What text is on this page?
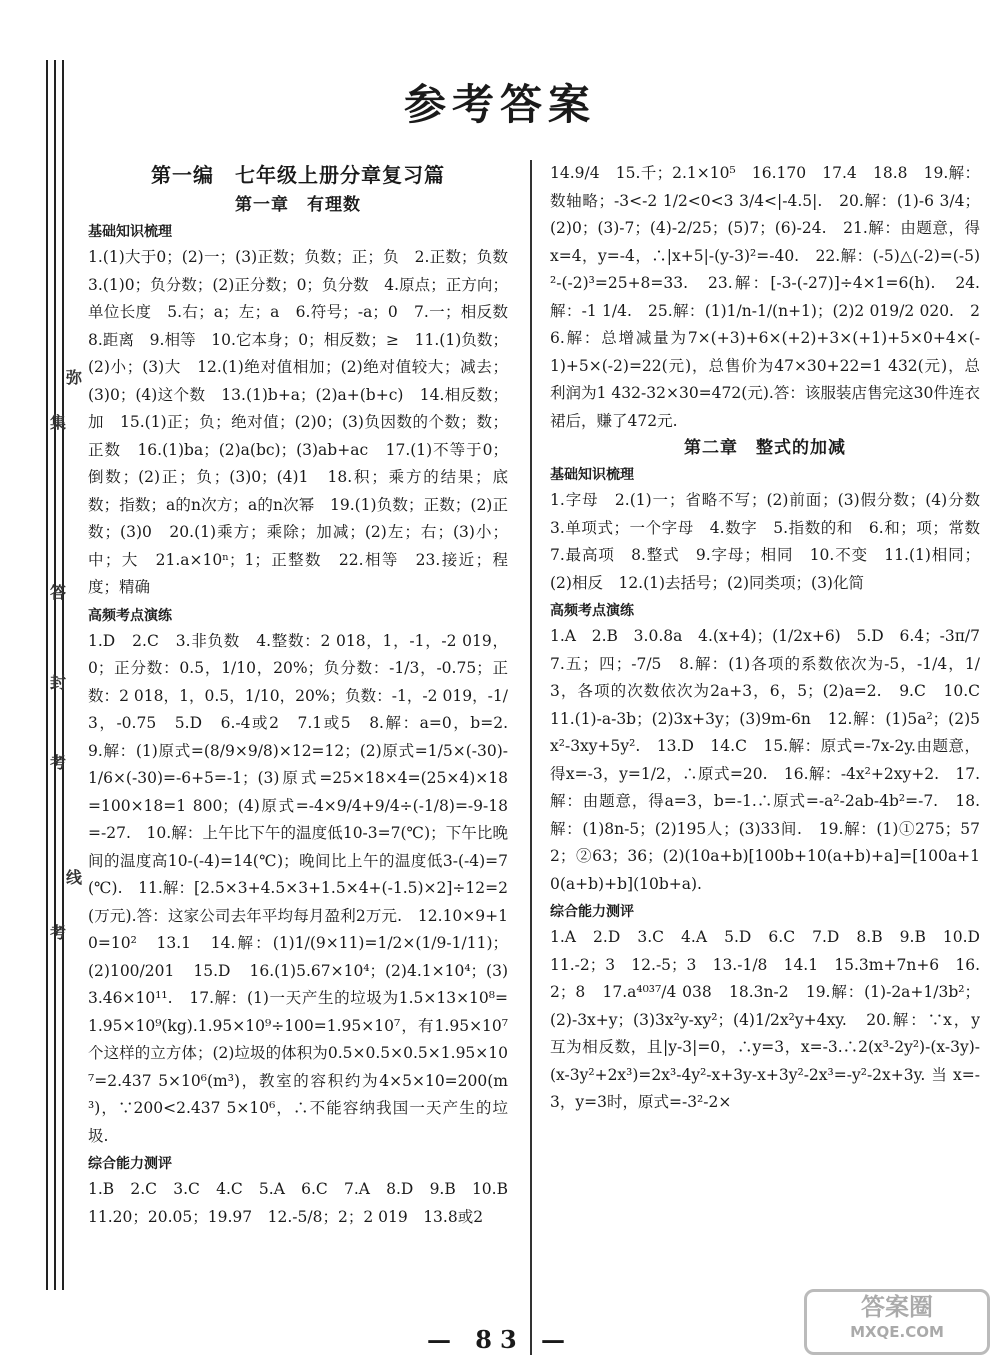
弥
集
答
封
考
线
考
参考答案
第一编　七年级上册分章复习篇
第一章　有理数
基础知识梳理

1.(1)大于0；(2)一；(3)正数；负数；正；负　2.正数；负数　3.(1)0；负分数；(2)正分数；0；负分数　4.原点；正方向；单位长度　5.右；a；左；a　6.符号；-a；0　7.一；相反数　8.距离　9.相等　10.它本身；0；相反数；≥　11.(1)负数；(2)小；(3)大　12.(1)绝对值相加；(2)绝对值较大；减去；(3)0；(4)这个数　13.(1)b+a；(2)a+(b+c)　14.相反数；加　15.(1)正；负；绝对值；(2)0；(3)负因数的个数；数；正数　16.(1)ba；(2)a(bc)；(3)ab+ac　17.(1)不等于0；倒数；(2)正；负；(3)0；(4)1　18.积；乘方的结果；底数；指数；a的n次方；a的n次幂　19.(1)负数；正数；(2)正数；(3)0　20.(1)乘方；乘除；加减；(2)左；右；(3)小；中；大　21.a×10ⁿ；1；正整数　22.相等　23.接近；程度；精确

高频考点演练

1.D　2.C　3.非负数　4.整数：2 018，1，-1，-2 019，0；正分数：0.5，1/10，20%；负分数：-1/3，-0.75；正数：2 018，1，0.5，1/10，20%；负数：-1，-2 019，-1/3，-0.75　5.D　6.-4或2　7.1或5　8.解：a=0，b=2.　9.解：(1)原式=(8/9×9/8)×12=12；(2)原式=1/5×(-30)-1/6×(-30)=-6+5=-1；(3)原式=25×18×4=(25×4)×18=100×18=1 800；(4)原式=-4×9/4+9/4÷(-1/8)=-9-18=-27.　10.解：上午比下午的温度低10-3=7(℃)；下午比晚间的温度高10-(-4)=14(℃)；晚间比上午的温度低3-(-4)=7(℃).　11.解：[2.5×3+4.5×3+1.5×4+(-1.5)×2]÷12=2(万元).答：这家公司去年平均每月盈利2万元.　12.10×9+10=10²　13.1　14.解：(1)1/(9×11)=1/2×(1/9-1/11)；(2)100/201　15.D　16.(1)5.67×10⁴；(2)4.1×10⁴；(3)3.46×10¹¹.　17.解：(1)一天产生的垃圾为1.5×13×10⁸=1.95×10⁹(kg).1.95×10⁹÷100=1.95×10⁷，有1.95×10⁷个这样的立方体；(2)垃圾的体积为0.5×0.5×0.5×1.95×10⁷=2.437 5×10⁶(m³)，教室的容积约为4×5×10=200(m³)，∵200<2.437 5×10⁶，∴不能容纳我国一天产生的垃圾.

综合能力测评

1.B　2.C　3.C　4.C　5.A　6.C　7.A　8.D　9.B　10.B　11.20；20.05；19.97　12.-5/8；2；2 019　13.8或2

14.9/4　15.千；2.1×10⁵　16.170　17.4　18.8　19.解：数轴略；-3<-2 1/2<0<3 3/4<|-4.5|.　20.解：(1)-6 3/4；(2)0；(3)-7；(4)-2/25；(5)7；(6)-24.　21.解：由题意，得x=4，y=-4，∴|x+5|-(y-3)²=-40.　22.解：(-5)△(-2)=(-5)²-(-2)³=25+8=33.　23.解：[-3-(-27)]÷4×1=6(h).　24.解：-1 1/4.　25.解：(1)1/n-1/(n+1)；(2)2 019/2 020.　26.解：总增减量为7×(+3)+6×(+2)+3×(+1)+5×0+4×(-1)+5×(-2)=22(元)，总售价为47×30+22=1 432(元)，总利润为1 432-32×30=472(元).答：该服装店售完这30件连衣裙后，赚了472元.

第二章　整式的加减
基础知识梳理

1.字母　2.(1)一；省略不写；(2)前面；(3)假分数；(4)分数　3.单项式；一个字母　4.数字　5.指数的和　6.和；项；常数　7.最高项　8.整式　9.字母；相同　10.不变　11.(1)相同；(2)相反　12.(1)去括号；(2)同类项；(3)化简

高频考点演练

1.A　2.B　3.0.8a　4.(x+4)；(1/2x+6)　5.D　6.4；-3π/7　7.五；四；-7/5　8.解：(1)各项的系数依次为-5，-1/4，1/3，各项的次数依次为2a+3，6，5；(2)a=2.　9.C　10.C　11.(1)-a-3b；(2)3x+3y；(3)9m-6n　12.解：(1)5a²；(2)5x²-3xy+5y².　13.D　14.C　15.解：原式=-7x-2y.由题意，得x=-3，y=1/2，∴原式=20.　16.解：-4x²+2xy+2.　17.解：由题意，得a=3，b=-1.∴原式=-a²-2ab-4b²=-7.　18.解：(1)8n-5；(2)195人；(3)33间.　19.解：(1)①275；572；②63；36；(2)(10a+b)[100b+10(a+b)+a]=[100a+10(a+b)+b](10b+a).

综合能力测评

1.A　2.D　3.C　4.A　5.D　6.C　7.D　8.B　9.B　10.D　11.-2；3　12.-5；3　13.-1/8　14.1　15.3m+7n+6　16.2；8　17.a⁴⁰³⁷/4 038　18.3n-2　19.解：(1)-2a+1/3b²；(2)-3x+y；(3)3x²y-xy²；(4)1/2x²y+4xy.　20.解：∵x，y互为相反数，且|y-3|=0，∴y=3，x=-3.∴2(x³-2y²)-(x-3y)-(x-3y²+2x³)=2x³-4y²-x+3y-x+3y²-2x³=-y²-2x+3y.当x=-3，y=3时，原式=-3²-2×

— 83 —
答案圈
MXQE.COM
